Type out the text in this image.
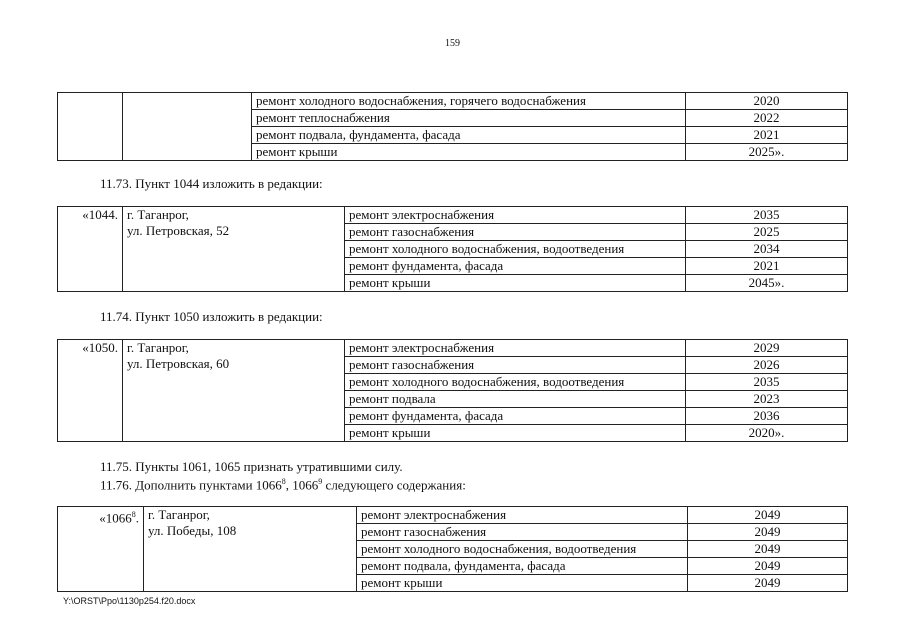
159
		ремонт холодного водоснабжения, горячего водоснабжения	2020
		ремонт теплоснабжения	2022
		ремонт подвала, фундамента, фасада	2021
		ремонт крыши	2025».
11.73. Пункт 1044 изложить в редакции:
«1044.	г. Таганрог,
ул. Петровская, 52	ремонт электроснабжения	2035
		ремонт газоснабжения	2025
		ремонт холодного водоснабжения, водоотведения	2034
		ремонт фундамента, фасада	2021
		ремонт крыши	2045».
11.74. Пункт 1050 изложить в редакции:
«1050.	г. Таганрог,
ул. Петровская, 60	ремонт электроснабжения	2029
		ремонт газоснабжения	2026
		ремонт холодного водоснабжения, водоотведения	2035
		ремонт подвала	2023
		ремонт фундамента, фасада	2036
		ремонт крыши	2020».
11.75. Пункты 1061, 1065 признать утратившими силу.
11.76. Дополнить пунктами 1066$^8$, 1066$^9$ следующего содержания:
«1066$^8$.	г. Таганрог,
ул. Победы, 108	ремонт электроснабжения	2049
		ремонт газоснабжения	2049
		ремонт холодного водоснабжения, водоотведения	2049
		ремонт подвала, фундамента, фасада	2049
		ремонт крыши	2049
Y:\ORST\Ppo\1130p254.f20.docx
